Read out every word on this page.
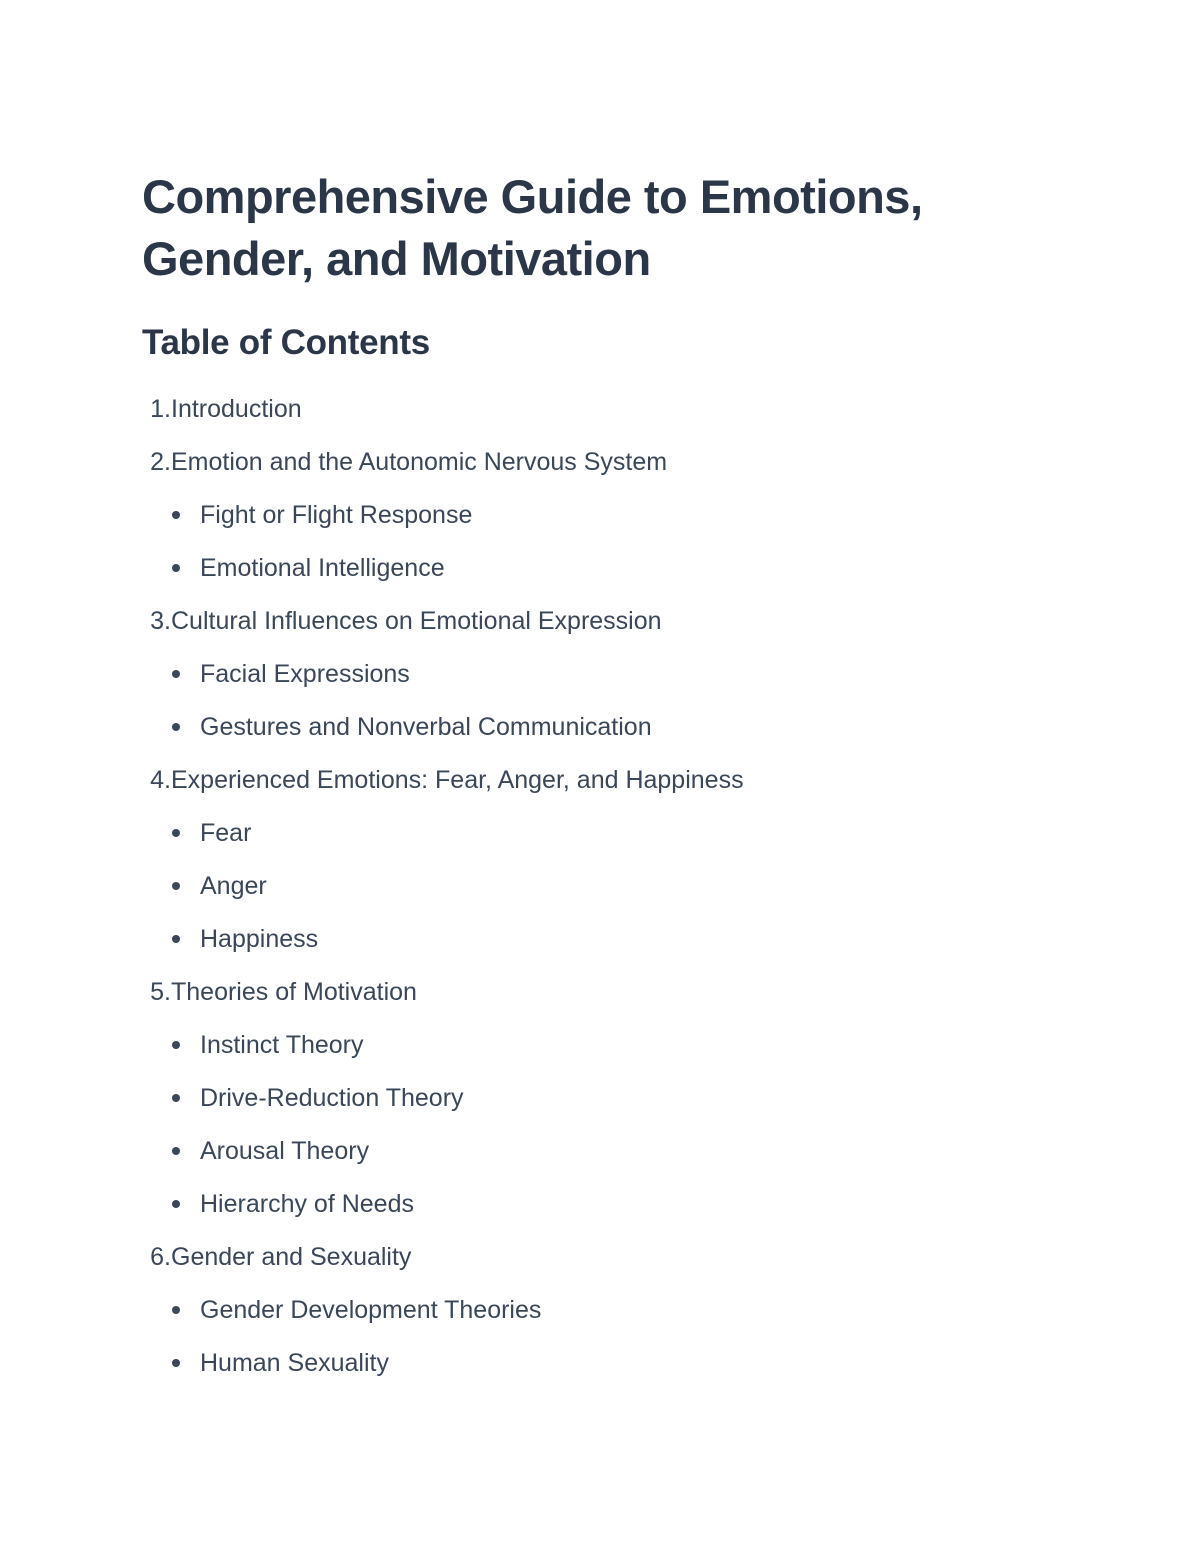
Comprehensive Guide to Emotions,
Gender, and Motivation
Table of Contents
1. Introduction
2. Emotion and the Autonomic Nervous System
Fight or Flight Response
Emotional Intelligence
3. Cultural Influences on Emotional Expression
Facial Expressions
Gestures and Nonverbal Communication
4. Experienced Emotions: Fear, Anger, and Happiness
Fear
Anger
Happiness
5. Theories of Motivation
Instinct Theory
Drive-Reduction Theory
Arousal Theory
Hierarchy of Needs
6. Gender and Sexuality
Gender Development Theories
Human Sexuality
